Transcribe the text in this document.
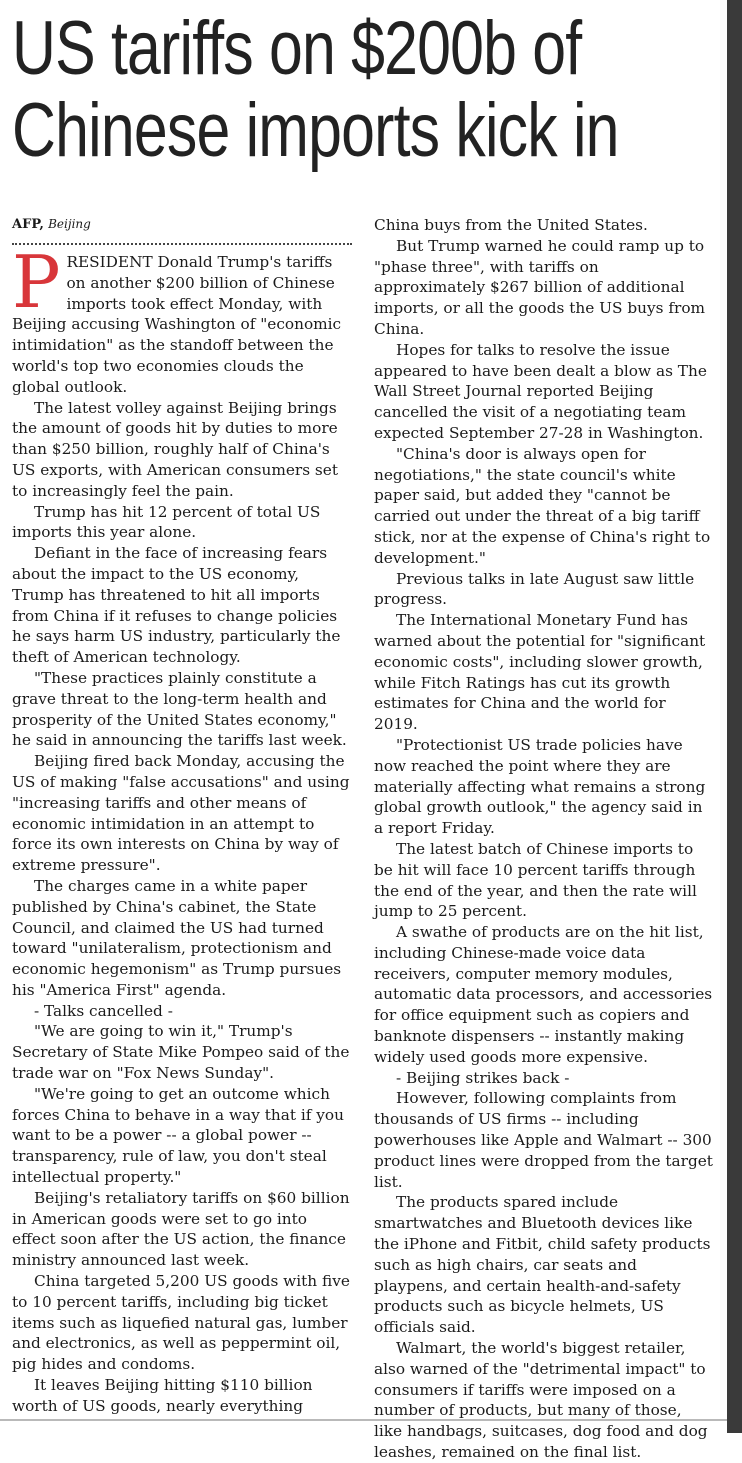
US tariffs on $200b of
Chinese imports kick in
AFP, Beijing

PRESIDENT Donald Trump's tariffs on another $200 billion of Chinese imports took effect Monday, with Beijing accusing Washington of "economic intimidation" as the standoff between the world's top two economies clouds the global outlook.

The latest volley against Beijing brings the amount of goods hit by duties to more than $250 billion, roughly half of China's US exports, with American consumers set to increasingly feel the pain.

Trump has hit 12 percent of total US imports this year alone.

Defiant in the face of increasing fears about the impact to the US economy, Trump has threatened to hit all imports from China if it refuses to change policies he says harm US industry, particularly the theft of American technology.

"These practices plainly constitute a grave threat to the long-term health and prosperity of the United States economy," he said in announcing the tariffs last week.

Beijing fired back Monday, accusing the US of making "false accusations" and using "increasing tariffs and other means of economic intimidation in an attempt to force its own interests on China by way of extreme pressure".

The charges came in a white paper published by China's cabinet, the State Council, and claimed the US had turned toward "unilateralism, protectionism and economic hegemonism" as Trump pursues his "America First" agenda.

- Talks cancelled -

"We are going to win it," Trump's Secretary of State Mike Pompeo said of the trade war on "Fox News Sunday".

"We're going to get an outcome which forces China to behave in a way that if you want to be a power -- a global power -- transparency, rule of law, you don't steal intellectual property."

Beijing's retaliatory tariffs on $60 billion in American goods were set to go into effect soon after the US action, the finance ministry announced last week.

China targeted 5,200 US goods with five to 10 percent tariffs, including big ticket items such as liquefied natural gas, lumber and electronics, as well as peppermint oil, pig hides and condoms.

It leaves Beijing hitting $110 billion worth of US goods, nearly everything

China buys from the United States.

But Trump warned he could ramp up to "phase three", with tariffs on approximately $267 billion of additional imports, or all the goods the US buys from China.

Hopes for talks to resolve the issue appeared to have been dealt a blow as The Wall Street Journal reported Beijing cancelled the visit of a negotiating team expected September 27-28 in Washington.

"China's door is always open for negotiations," the state council's white paper said, but added they "cannot be carried out under the threat of a big tariff stick, nor at the expense of China's right to development."

Previous talks in late August saw little progress.

The International Monetary Fund has warned about the potential for "significant economic costs", including slower growth, while Fitch Ratings has cut its growth estimates for China and the world for 2019.

"Protectionist US trade policies have now reached the point where they are materially affecting what remains a strong global growth outlook," the agency said in a report Friday.

The latest batch of Chinese imports to be hit will face 10 percent tariffs through the end of the year, and then the rate will jump to 25 percent.

A swathe of products are on the hit list, including Chinese-made voice data receivers, computer memory modules, automatic data processors, and accessories for office equipment such as copiers and banknote dispensers -- instantly making widely used goods more expensive.

- Beijing strikes back -

However, following complaints from thousands of US firms -- including powerhouses like Apple and Walmart -- 300 product lines were dropped from the target list.

The products spared include smartwatches and Bluetooth devices like the iPhone and Fitbit, child safety products such as high chairs, car seats and playpens, and certain health-and-safety products such as bicycle helmets, US officials said.

Walmart, the world's biggest retailer, also warned of the "detrimental impact" to consumers if tariffs were imposed on a number of products, but many of those, like handbags, suitcases, dog food and dog leashes, remained on the final list.
